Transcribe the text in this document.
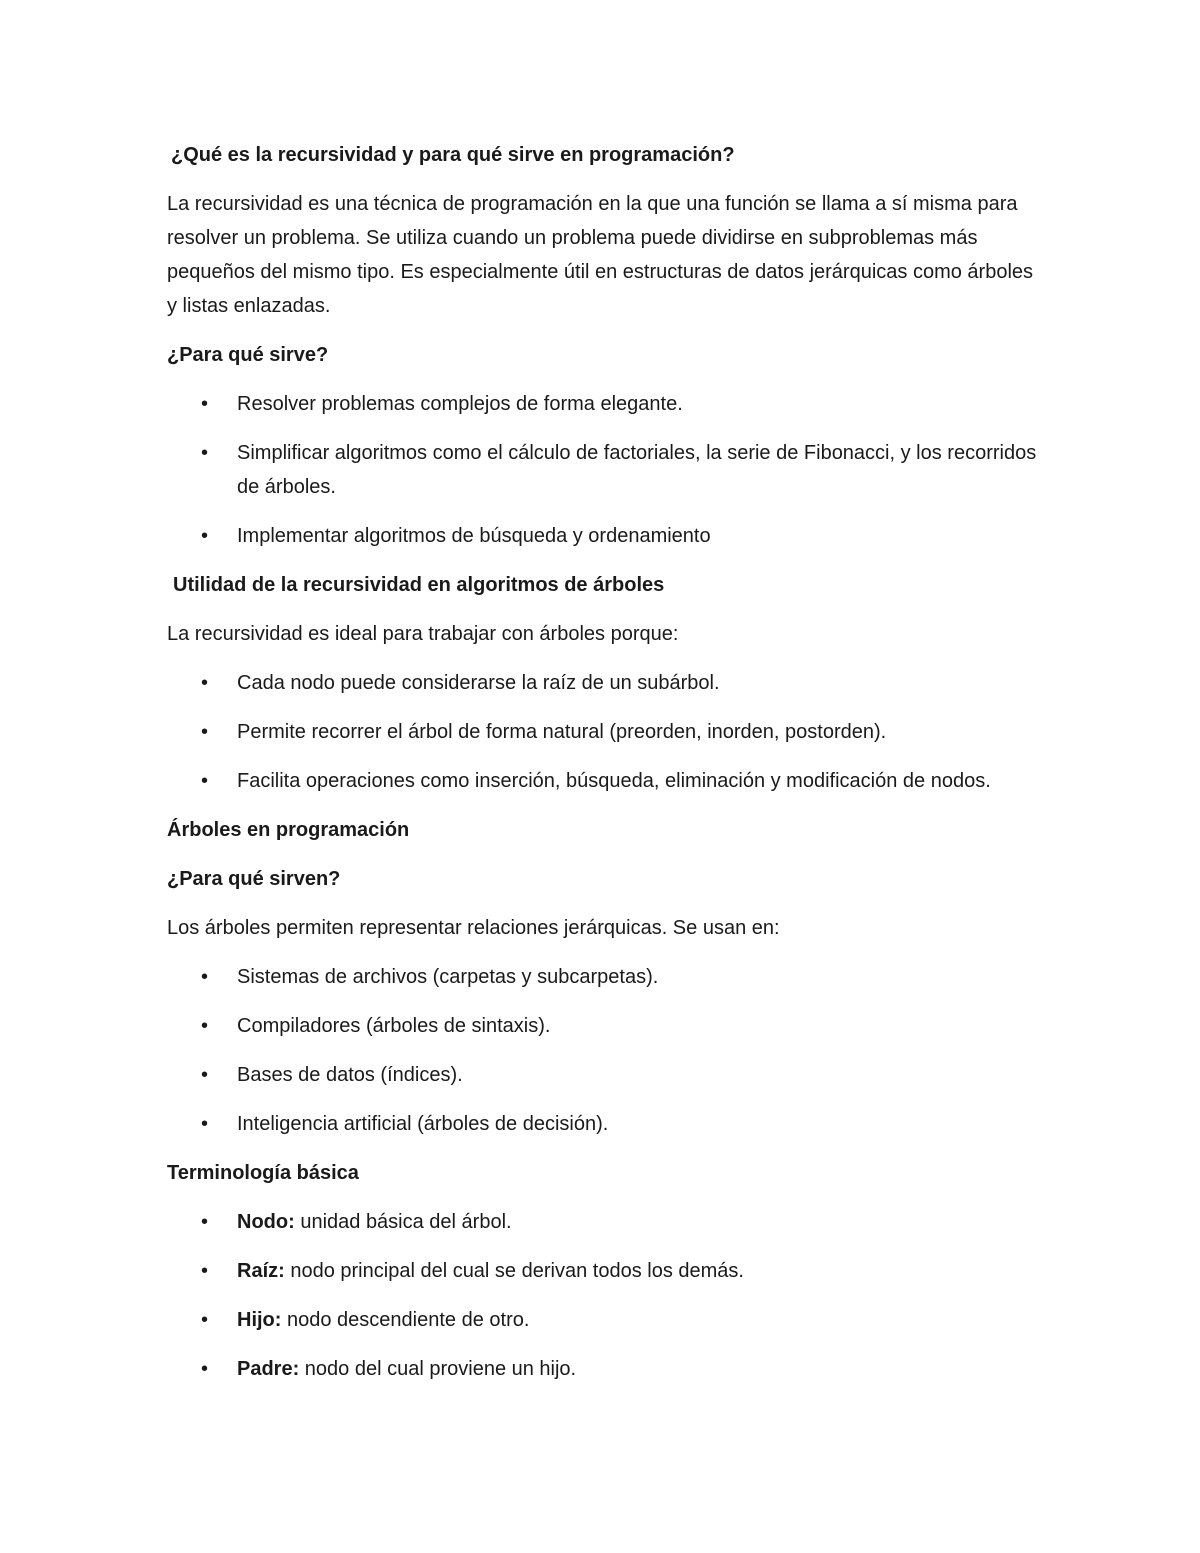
¿Qué es la recursividad y para qué sirve en programación?
La recursividad es una técnica de programación en la que una función se llama a sí misma para resolver un problema. Se utiliza cuando un problema puede dividirse en subproblemas más pequeños del mismo tipo. Es especialmente útil en estructuras de datos jerárquicas como árboles y listas enlazadas.
¿Para qué sirve?
• Resolver problemas complejos de forma elegante.
• Simplificar algoritmos como el cálculo de factoriales, la serie de Fibonacci, y los recorridos de árboles.
• Implementar algoritmos de búsqueda y ordenamiento
Utilidad de la recursividad en algoritmos de árboles
La recursividad es ideal para trabajar con árboles porque:
• Cada nodo puede considerarse la raíz de un subárbol.
• Permite recorrer el árbol de forma natural (preorden, inorden, postorden).
• Facilita operaciones como inserción, búsqueda, eliminación y modificación de nodos.
Árboles en programación
¿Para qué sirven?
Los árboles permiten representar relaciones jerárquicas. Se usan en:
• Sistemas de archivos (carpetas y subcarpetas).
• Compiladores (árboles de sintaxis).
• Bases de datos (índices).
• Inteligencia artificial (árboles de decisión).
Terminología básica
• Nodo: unidad básica del árbol.
• Raíz: nodo principal del cual se derivan todos los demás.
• Hijo: nodo descendiente de otro.
• Padre: nodo del cual proviene un hijo.
